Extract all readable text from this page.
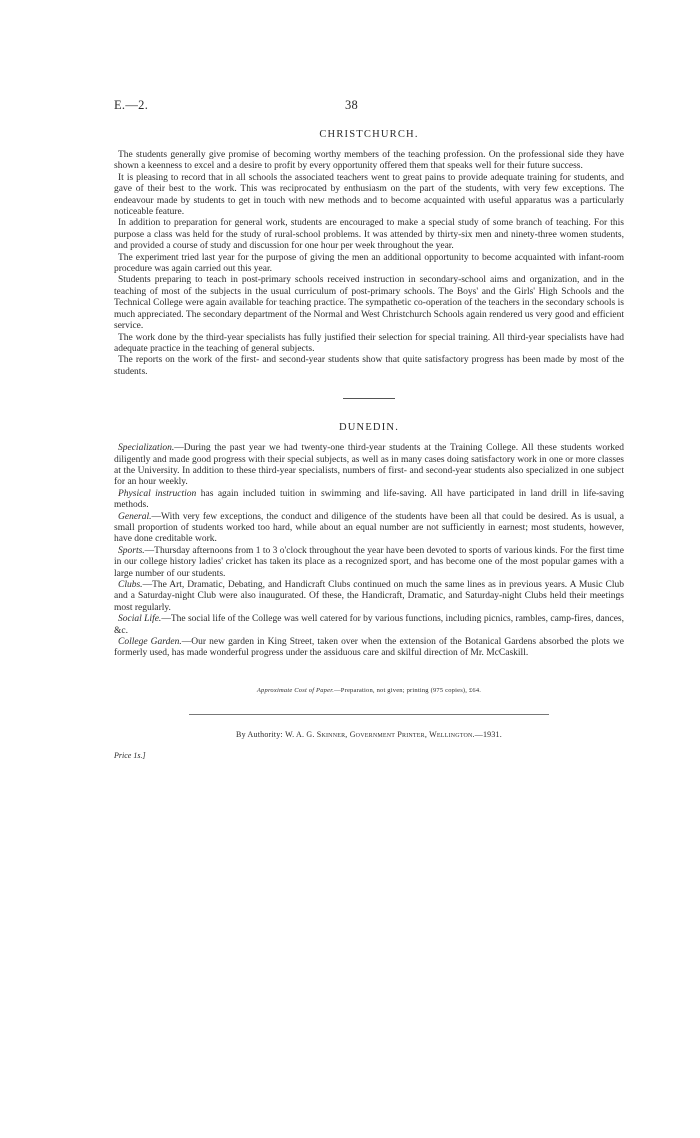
E.—2.	38
CHRISTCHURCH.

The students generally give promise of becoming worthy members of the teaching profession. On the professional side they have shown a keenness to excel and a desire to profit by every opportunity offered them that speaks well for their future success.

It is pleasing to record that in all schools the associated teachers went to great pains to provide adequate training for students, and gave of their best to the work. This was reciprocated by enthusiasm on the part of the students, with very few exceptions. The endeavour made by students to get in touch with new methods and to become acquainted with useful apparatus was a particularly noticeable feature.

In addition to preparation for general work, students are encouraged to make a special study of some branch of teaching. For this purpose a class was held for the study of rural-school problems. It was attended by thirty-six men and ninety-three women students, and provided a course of study and discussion for one hour per week throughout the year.

The experiment tried last year for the purpose of giving the men an additional opportunity to become acquainted with infant-room procedure was again carried out this year.

Students preparing to teach in post-primary schools received instruction in secondary-school aims and organization, and in the teaching of most of the subjects in the usual curriculum of post-primary schools. The Boys' and the Girls' High Schools and the Technical College were again available for teaching practice. The sympathetic co-operation of the teachers in the secondary schools is much appreciated. The secondary department of the Normal and West Christchurch Schools again rendered us very good and efficient service.

The work done by the third-year specialists has fully justified their selection for special training. All third-year specialists have had adequate practice in the teaching of general subjects.

The reports on the work of the first- and second-year students show that quite satisfactory progress has been made by most of the students.

DUNEDIN.

Specialization.—During the past year we had twenty-one third-year students at the Training College. All these students worked diligently and made good progress with their special subjects, as well as in many cases doing satisfactory work in one or more classes at the University. In addition to these third-year specialists, numbers of first- and second-year students also specialized in one subject for an hour weekly.

Physical instruction has again included tuition in swimming and life-saving. All have participated in land drill in life-saving methods.

General.—With very few exceptions, the conduct and diligence of the students have been all that could be desired. As is usual, a small proportion of students worked too hard, while about an equal number are not sufficiently in earnest; most students, however, have done creditable work.

Sports.—Thursday afternoons from 1 to 3 o'clock throughout the year have been devoted to sports of various kinds. For the first time in our college history ladies' cricket has taken its place as a recognized sport, and has become one of the most popular games with a large number of our students.

Clubs.—The Art, Dramatic, Debating, and Handicraft Clubs continued on much the same lines as in previous years. A Music Club and a Saturday-night Club were also inaugurated. Of these, the Handicraft, Dramatic, and Saturday-night Clubs held their meetings most regularly.

Social Life.—The social life of the College was well catered for by various functions, including picnics, rambles, camp-fires, dances, &c.

College Garden.—Our new garden in King Street, taken over when the extension of the Botanical Gardens absorbed the plots we formerly used, has made wonderful progress under the assiduous care and skilful direction of Mr. McCaskill.

Approximate Cost of Paper.—Preparation, not given; printing (975 copies), £64.
By Authority: W. A. G. Skinner, Government Printer, Wellington.—1931.
Price 1s.]
